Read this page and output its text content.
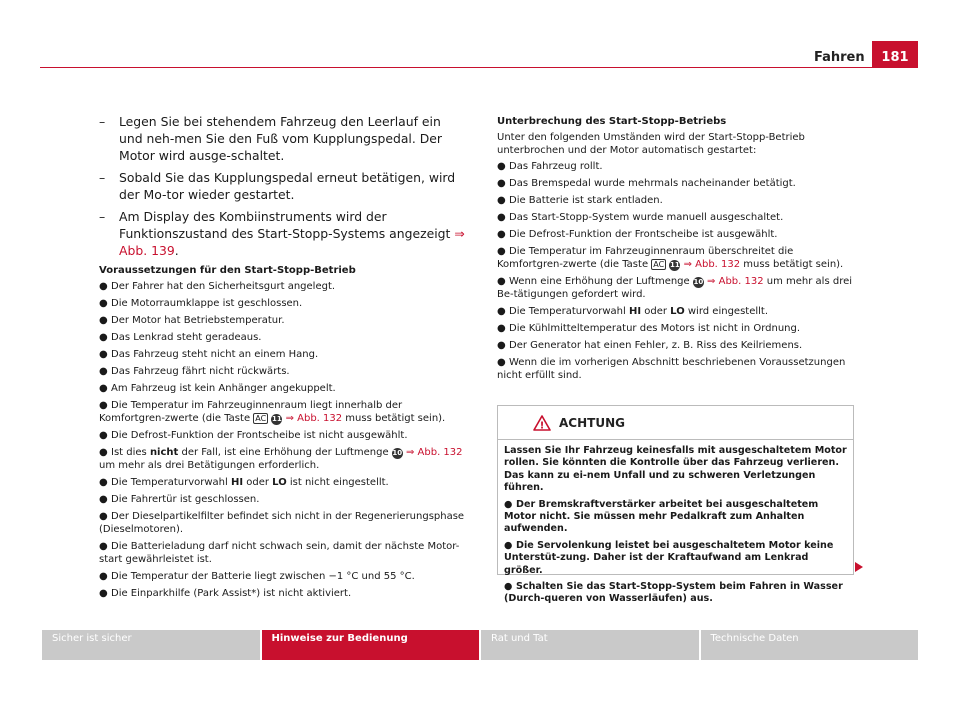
Fahren	181
– Legen Sie bei stehendem Fahrzeug den Leerlauf ein und neh-men Sie den Fuß vom Kupplungspedal. Der Motor wird ausge-schaltet.
– Sobald Sie das Kupplungspedal erneut betätigen, wird der Mo-tor wieder gestartet.
– Am Display des Kombiinstruments wird der Funktionszustand des Start-Stopp-Systems angezeigt ⇒ Abb. 139.
Voraussetzungen für den Start-Stopp-Betrieb
● Der Fahrer hat den Sicherheitsgurt angelegt.
● Die Motorraumklappe ist geschlossen.
● Der Motor hat Betriebstemperatur.
● Das Lenkrad steht geradeaus.
● Das Fahrzeug steht nicht an einem Hang.
● Das Fahrzeug fährt nicht rückwärts.
● Am Fahrzeug ist kein Anhänger angekuppelt.
● Die Temperatur im Fahrzeuginnenraum liegt innerhalb der Komfortgren-zwerte (die Taste AC 11 ⇒ Abb. 132 muss betätigt sein).
● Die Defrost-Funktion der Frontscheibe ist nicht ausgewählt.
● Ist dies nicht der Fall, ist eine Erhöhung der Luftmenge 10 ⇒ Abb. 132 um mehr als drei Betätigungen erforderlich.
● Die Temperaturvorwahl HI oder LO ist nicht eingestellt.
● Die Fahrertür ist geschlossen.
● Der Dieselpartikelfilter befindet sich nicht in der Regenerierungsphase (Dieselmotoren).
● Die Batterieladung darf nicht schwach sein, damit der nächste Motor-start gewährleistet ist.
● Die Temperatur der Batterie liegt zwischen −1 °C und 55 °C.
● Die Einparkhilfe (Park Assist*) ist nicht aktiviert.
Unterbrechung des Start-Stopp-Betriebs
Unter den folgenden Umständen wird der Start-Stopp-Betrieb unterbrochen und der Motor automatisch gestartet:
● Das Fahrzeug rollt.
● Das Bremspedal wurde mehrmals nacheinander betätigt.
● Die Batterie ist stark entladen.
● Das Start-Stopp-System wurde manuell ausgeschaltet.
● Die Defrost-Funktion der Frontscheibe ist ausgewählt.
● Die Temperatur im Fahrzeuginnenraum überschreitet die Komfortgren-zwerte (die Taste AC 11 ⇒ Abb. 132 muss betätigt sein).
● Wenn eine Erhöhung der Luftmenge 10 ⇒ Abb. 132 um mehr als drei Be-tätigungen gefordert wird.
● Die Temperaturvorwahl HI oder LO wird eingestellt.
● Die Kühlmitteltemperatur des Motors ist nicht in Ordnung.
● Der Generator hat einen Fehler, z. B. Riss des Keilriemens.
● Wenn die im vorherigen Abschnitt beschriebenen Voraussetzungen nicht erfüllt sind.
! ACHTUNG
Lassen Sie Ihr Fahrzeug keinesfalls mit ausgeschaltetem Motor rollen. Sie könnten die Kontrolle über das Fahrzeug verlieren. Das kann zu ei-nem Unfall und zu schweren Verletzungen führen.
● Der Bremskraftverstärker arbeitet bei ausgeschaltetem Motor nicht. Sie müssen mehr Pedalkraft zum Anhalten aufwenden.
● Die Servolenkung leistet bei ausgeschaltetem Motor keine Unterstüt-zung. Daher ist der Kraftaufwand am Lenkrad größer.
● Schalten Sie das Start-Stopp-System beim Fahren in Wasser (Durch-queren von Wasserläufen) aus.
Sicher ist sicher	Hinweise zur Bedienung	Rat und Tat	Technische Daten
